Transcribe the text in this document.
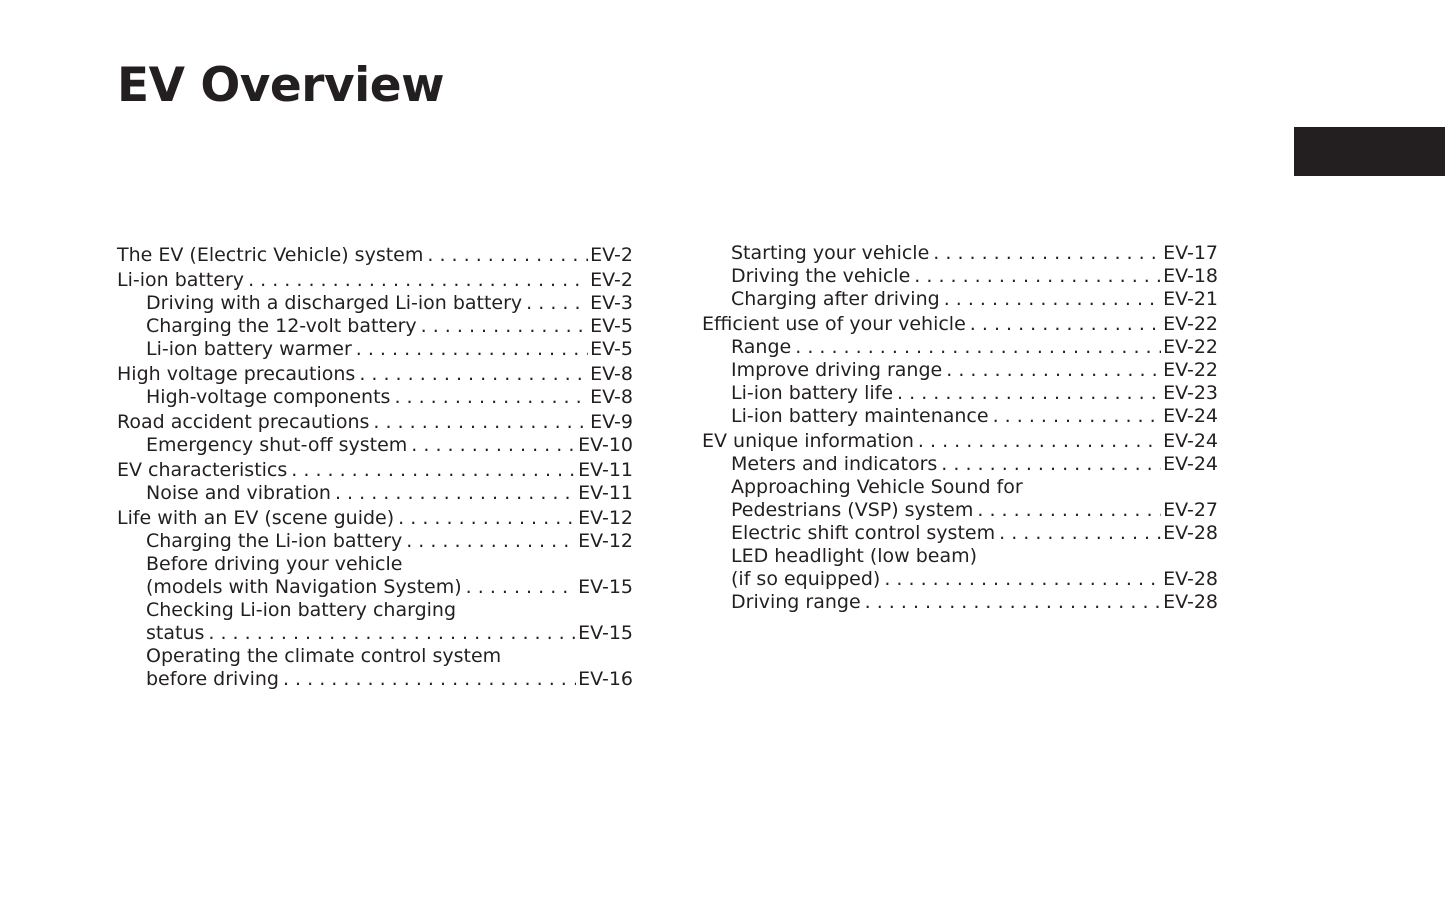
EV Overview
The EV (Electric Vehicle) system . . .	EV-2
Li-ion battery . . .	EV-2
Driving with a discharged Li-ion battery . . .	EV-3
Charging the 12-volt battery . . .	EV-5
Li-ion battery warmer . . .	EV-5
High voltage precautions . . .	EV-8
High-voltage components . . .	EV-8
Road accident precautions . . .	EV-9
Emergency shut-off system . . .	EV-10
EV characteristics . . .	EV-11
Noise and vibration . . .	EV-11
Life with an EV (scene guide) . . .	EV-12
Charging the Li-ion battery . . .	EV-12
Before driving your vehicle
(models with Navigation System) . . .	EV-15
Checking Li-ion battery charging
status . . .	EV-15
Operating the climate control system
before driving . . .	EV-16
Starting your vehicle . . .	EV-17
Driving the vehicle . . .	EV-18
Charging after driving . . .	EV-21
Efficient use of your vehicle . . .	EV-22
Range . . .	EV-22
Improve driving range . . .	EV-22
Li-ion battery life . . .	EV-23
Li-ion battery maintenance . . .	EV-24
EV unique information . . .	EV-24
Meters and indicators . . .	EV-24
Approaching Vehicle Sound for
Pedestrians (VSP) system . . .	EV-27
Electric shift control system . . .	EV-28
LED headlight (low beam)
(if so equipped) . . .	EV-28
Driving range . . .	EV-28
